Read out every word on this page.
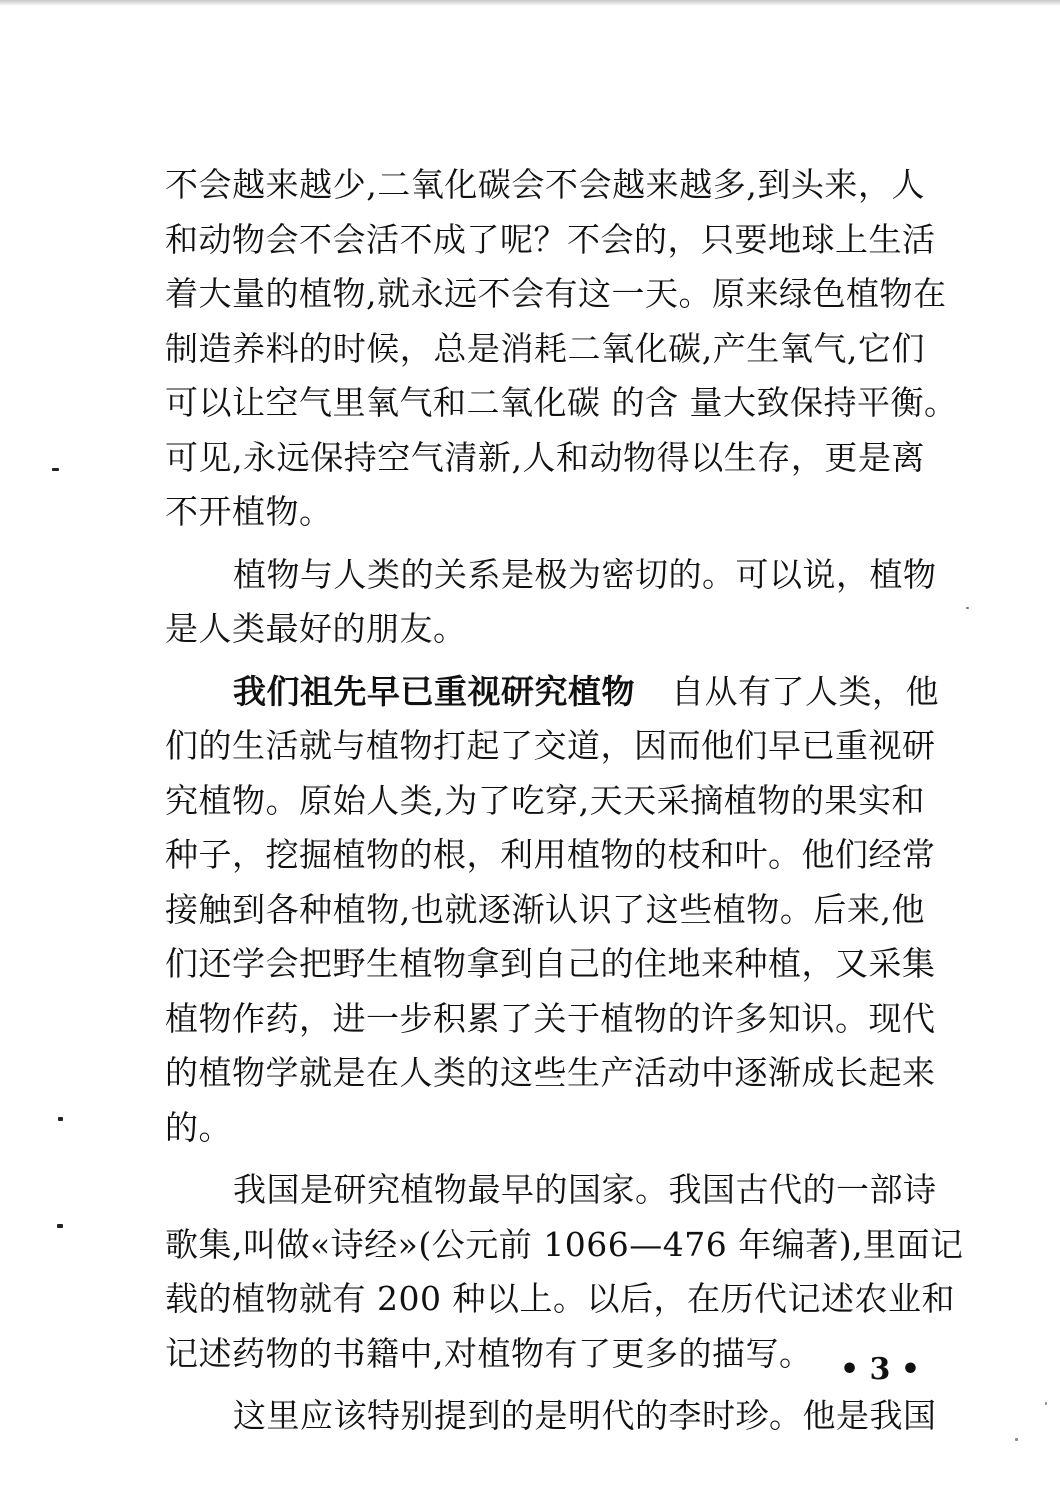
不会越来越少,二氧化碳会不会越来越多,到头来，人
和动物会不会活不成了呢？不会的，只要地球上生活
着大量的植物,就永远不会有这一天。原来绿色植物在
制造养料的时候，总是消耗二氧化碳,产生氧气,它们
可以让空气里氧气和二氧化碳 的含 量大致保持平衡。
可见,永远保持空气清新,人和动物得以生存，更是离
不开植物。
植物与人类的关系是极为密切的。可以说，植物
是人类最好的朋友。
我们祖先早已重视研究植物 自从有了人类，他
们的生活就与植物打起了交道，因而他们早已重视研
究植物。原始人类,为了吃穿,天天采摘植物的果实和
种子，挖掘植物的根，利用植物的枝和叶。他们经常
接触到各种植物,也就逐渐认识了这些植物。后来,他
们还学会把野生植物拿到自己的住地来种植，又采集
植物作药，进一步积累了关于植物的许多知识。现代
的植物学就是在人类的这些生产活动中逐渐成长起来
的。
我国是研究植物最早的国家。我国古代的一部诗
歌集,叫做«诗经»(公元前 1066—476 年编著),里面记
载的植物就有 200 种以上。以后，在历代记述农业和
记述药物的书籍中,对植物有了更多的描写。
这里应该特别提到的是明代的李时珍。他是我国
• 3 •
